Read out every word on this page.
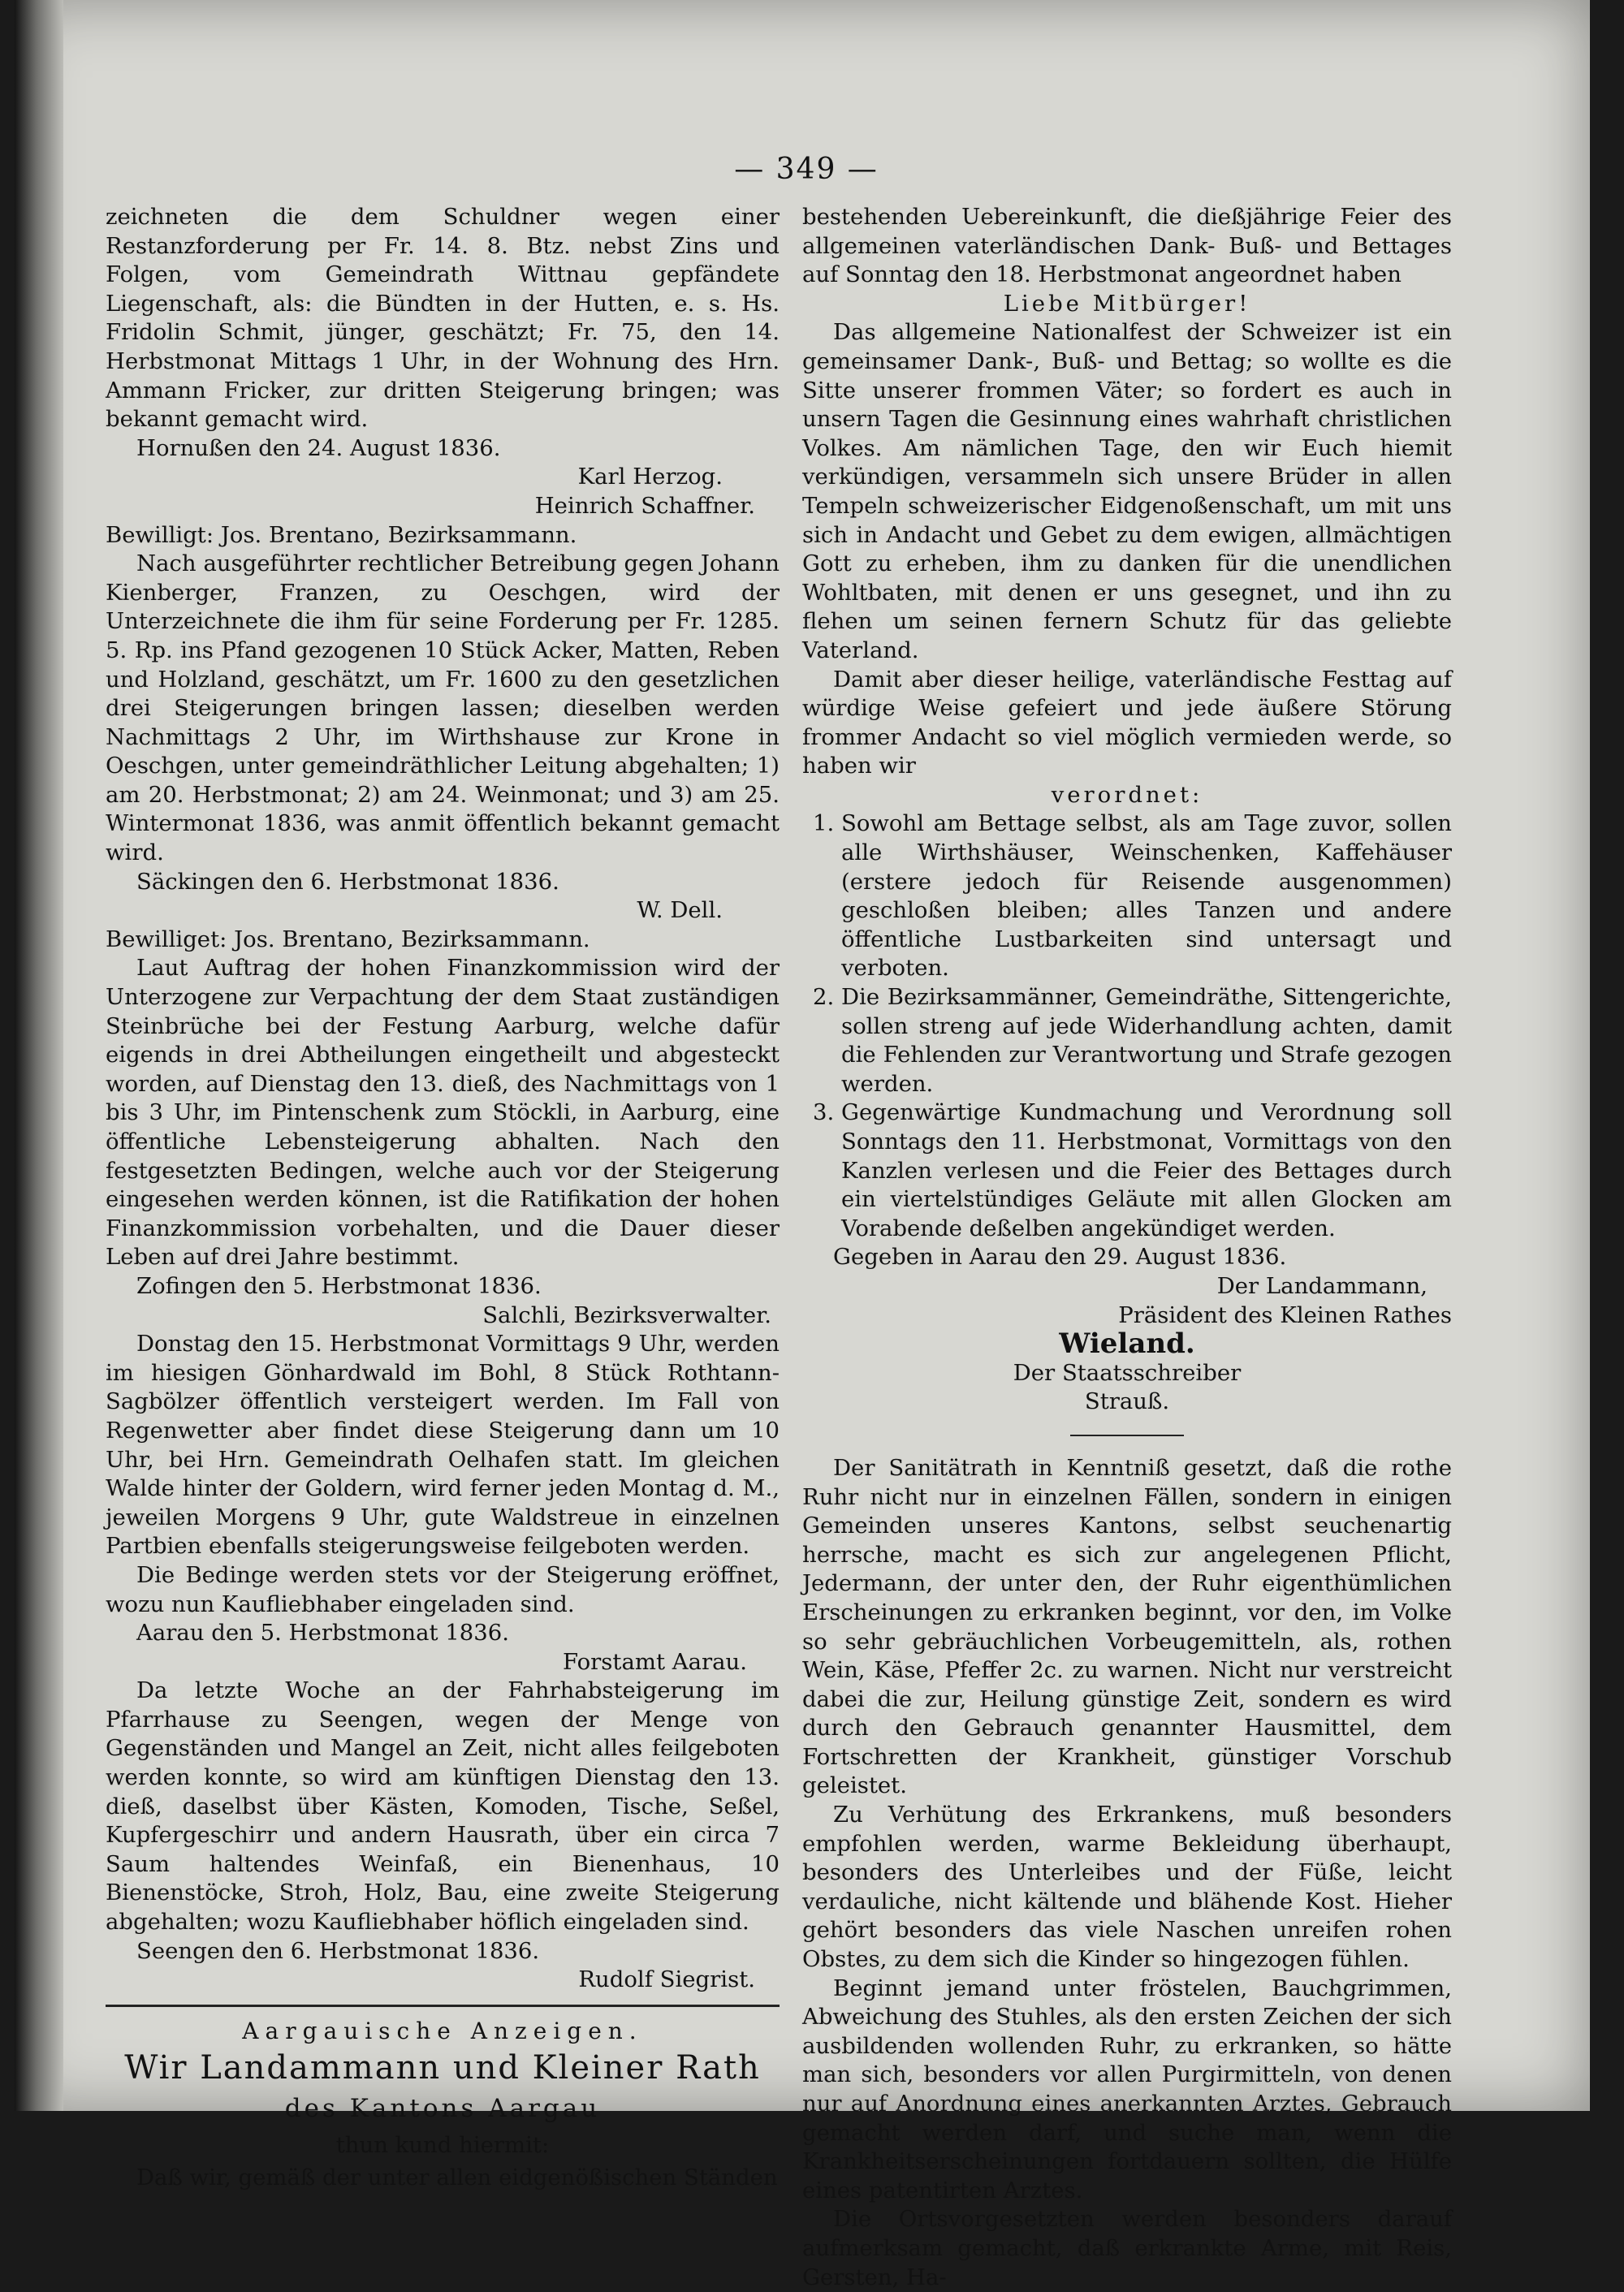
— 349 —

zeichneten die dem Schuldner wegen einer Restanzforderung per Fr. 14. 8. Btz. nebst Zins und Folgen, vom Gemeindrath Wittnau gepfändete Liegenschaft, als: die Bündten in der Hutten, e. s. Hs. Fridolin Schmit, jünger, geschätzt; Fr. 75, den 14. Herbstmonat Mittags 1 Uhr, in der Wohnung des Hrn. Ammann Fricker, zur dritten Steigerung bringen; was bekannt gemacht wird.

Hornußen den 24. August 1836.

Karl Herzog.

Heinrich Schaffner.

Bewilligt: Jos. Brentano, Bezirksammann.

Nach ausgeführter rechtlicher Betreibung gegen Johann Kienberger, Franzen, zu Oeschgen, wird der Unterzeichnete die ihm für seine Forderung per Fr. 1285. 5. Rp. ins Pfand gezogenen 10 Stück Acker, Matten, Reben und Holzland, geschätzt, um Fr. 1600 zu den gesetzlichen drei Steigerungen bringen lassen; dieselben werden Nachmittags 2 Uhr, im Wirthshause zur Krone in Oeschgen, unter gemeindräthlicher Leitung abgehalten; 1) am 20. Herbstmonat; 2) am 24. Weinmonat; und 3) am 25. Wintermonat 1836, was anmit öffentlich bekannt gemacht wird.

Säckingen den 6. Herbstmonat 1836.

W. Dell.

Bewilliget: Jos. Brentano, Bezirksammann.

Laut Auftrag der hohen Finanzkommission wird der Unterzogene zur Verpachtung der dem Staat zuständigen Steinbrüche bei der Festung Aarburg, welche dafür eigends in drei Abtheilungen eingetheilt und abgesteckt worden, auf Dienstag den 13. dieß, des Nachmittags von 1 bis 3 Uhr, im Pintenschenk zum Stöckli, in Aarburg, eine öffentliche Lebensteigerung abhalten. Nach den festgesetzten Bedingen, welche auch vor der Steigerung eingesehen werden können, ist die Ratifikation der hohen Finanzkommission vorbehalten, und die Dauer dieser Leben auf drei Jahre bestimmt.

Zofingen den 5. Herbstmonat 1836.

Salchli, Bezirksverwalter.

Donstag den 15. Herbstmonat Vormittags 9 Uhr, werden im hiesigen Gönhardwald im Bohl, 8 Stück Rothtann-Sagbölzer öffentlich versteigert werden. Im Fall von Regenwetter aber findet diese Steigerung dann um 10 Uhr, bei Hrn. Gemeindrath Oelhafen statt. Im gleichen Walde hinter der Goldern, wird ferner jeden Montag d. M., jeweilen Morgens 9 Uhr, gute Waldstreue in einzelnen Partbien ebenfalls steigerungsweise feilgeboten werden.

Die Bedinge werden stets vor der Steigerung eröffnet, wozu nun Kaufliebhaber eingeladen sind.

Aarau den 5. Herbstmonat 1836.

Forstamt Aarau.

Da letzte Woche an der Fahrhabsteigerung im Pfarrhause zu Seengen, wegen der Menge von Gegenständen und Mangel an Zeit, nicht alles feilgeboten werden konnte, so wird am künftigen Dienstag den 13. dieß, daselbst über Kästen, Komoden, Tische, Seßel, Kupfergeschirr und andern Hausrath, über ein circa 7 Saum haltendes Weinfaß, ein Bienenhaus, 10 Bienenstöcke, Stroh, Holz, Bau, eine zweite Steigerung abgehalten; wozu Kaufliebhaber höflich eingeladen sind.

Seengen den 6. Herbstmonat 1836.

Rudolf Siegrist.

Aargauische Anzeigen.

Wir Landammann und Kleiner Rath

des Kantons Aargau

thun kund hiermit:

Daß wir, gemäß der unter allen eidgenößischen Ständen

bestehenden Uebereinkunft, die dießjährige Feier des allgemeinen vaterländischen Dank- Buß- und Bettages auf Sonntag den 18. Herbstmonat angeordnet haben

Liebe Mitbürger!

Das allgemeine Nationalfest der Schweizer ist ein gemeinsamer Dank-, Buß- und Bettag; so wollte es die Sitte unserer frommen Väter; so fordert es auch in unsern Tagen die Gesinnung eines wahrhaft christlichen Volkes. Am nämlichen Tage, den wir Euch hiemit verkündigen, versammeln sich unsere Brüder in allen Tempeln schweizerischer Eidgenoßenschaft, um mit uns sich in Andacht und Gebet zu dem ewigen, allmächtigen Gott zu erheben, ihm zu danken für die unendlichen Wohltbaten, mit denen er uns gesegnet, und ihn zu flehen um seinen fernern Schutz für das geliebte Vaterland.

Damit aber dieser heilige, vaterländische Festtag auf würdige Weise gefeiert und jede äußere Störung frommer Andacht so viel möglich vermieden werde, so haben wir

verordnet:

1. Sowohl am Bettage selbst, als am Tage zuvor, sollen alle Wirthshäuser, Weinschenken, Kaffehäuser (erstere jedoch für Reisende ausgenommen) geschloßen bleiben; alles Tanzen und andere öffentliche Lustbarkeiten sind untersagt und verboten.
2. Die Bezirksammänner, Gemeindräthe, Sittengerichte, sollen streng auf jede Widerhandlung achten, damit die Fehlenden zur Verantwortung und Strafe gezogen werden.
3. Gegenwärtige Kundmachung und Verordnung soll Sonntags den 11. Herbstmonat, Vormittags von den Kanzlen verlesen und die Feier des Bettages durch ein viertelstündiges Geläute mit allen Glocken am Vorabende deßelben angekündiget werden.

Gegeben in Aarau den 29. August 1836.

Der Landammann,

Präsident des Kleinen Rathes

Wieland.

Der Staatsschreiber

Strauß.

Der Sanitätrath in Kenntniß gesetzt, daß die rothe Ruhr nicht nur in einzelnen Fällen, sondern in einigen Gemeinden unseres Kantons, selbst seuchenartig herrsche, macht es sich zur angelegenen Pflicht, Jedermann, der unter den, der Ruhr eigenthümlichen Erscheinungen zu erkranken beginnt, vor den, im Volke so sehr gebräuchlichen Vorbeugemitteln, als, rothen Wein, Käse, Pfeffer 2c. zu warnen. Nicht nur verstreicht dabei die zur, Heilung günstige Zeit, sondern es wird durch den Gebrauch genannter Hausmittel, dem Fortschretten der Krankheit, günstiger Vorschub geleistet.

Zu Verhütung des Erkrankens, muß besonders empfohlen werden, warme Bekleidung überhaupt, besonders des Unterleibes und der Füße, leicht verdauliche, nicht kältende und blähende Kost. Hieher gehört besonders das viele Naschen unreifen rohen Obstes, zu dem sich die Kinder so hingezogen fühlen.

Beginnt jemand unter fröstelen, Bauchgrimmen, Abweichung des Stuhles, als den ersten Zeichen der sich ausbildenden wollenden Ruhr, zu erkranken, so hätte man sich, besonders vor allen Purgirmitteln, von denen nur auf Anordnung eines anerkannten Arztes, Gebrauch gemacht werden darf, und suche man, wenn die Krankheitserscheinungen fortdauern sollten, die Hülfe eines patentirten Arztes.

Die Ortsvorgesetzten werden besonders darauf aufmerksam gemacht, daß erkrankte Arme, mit Reis, Gersten, Ha-
